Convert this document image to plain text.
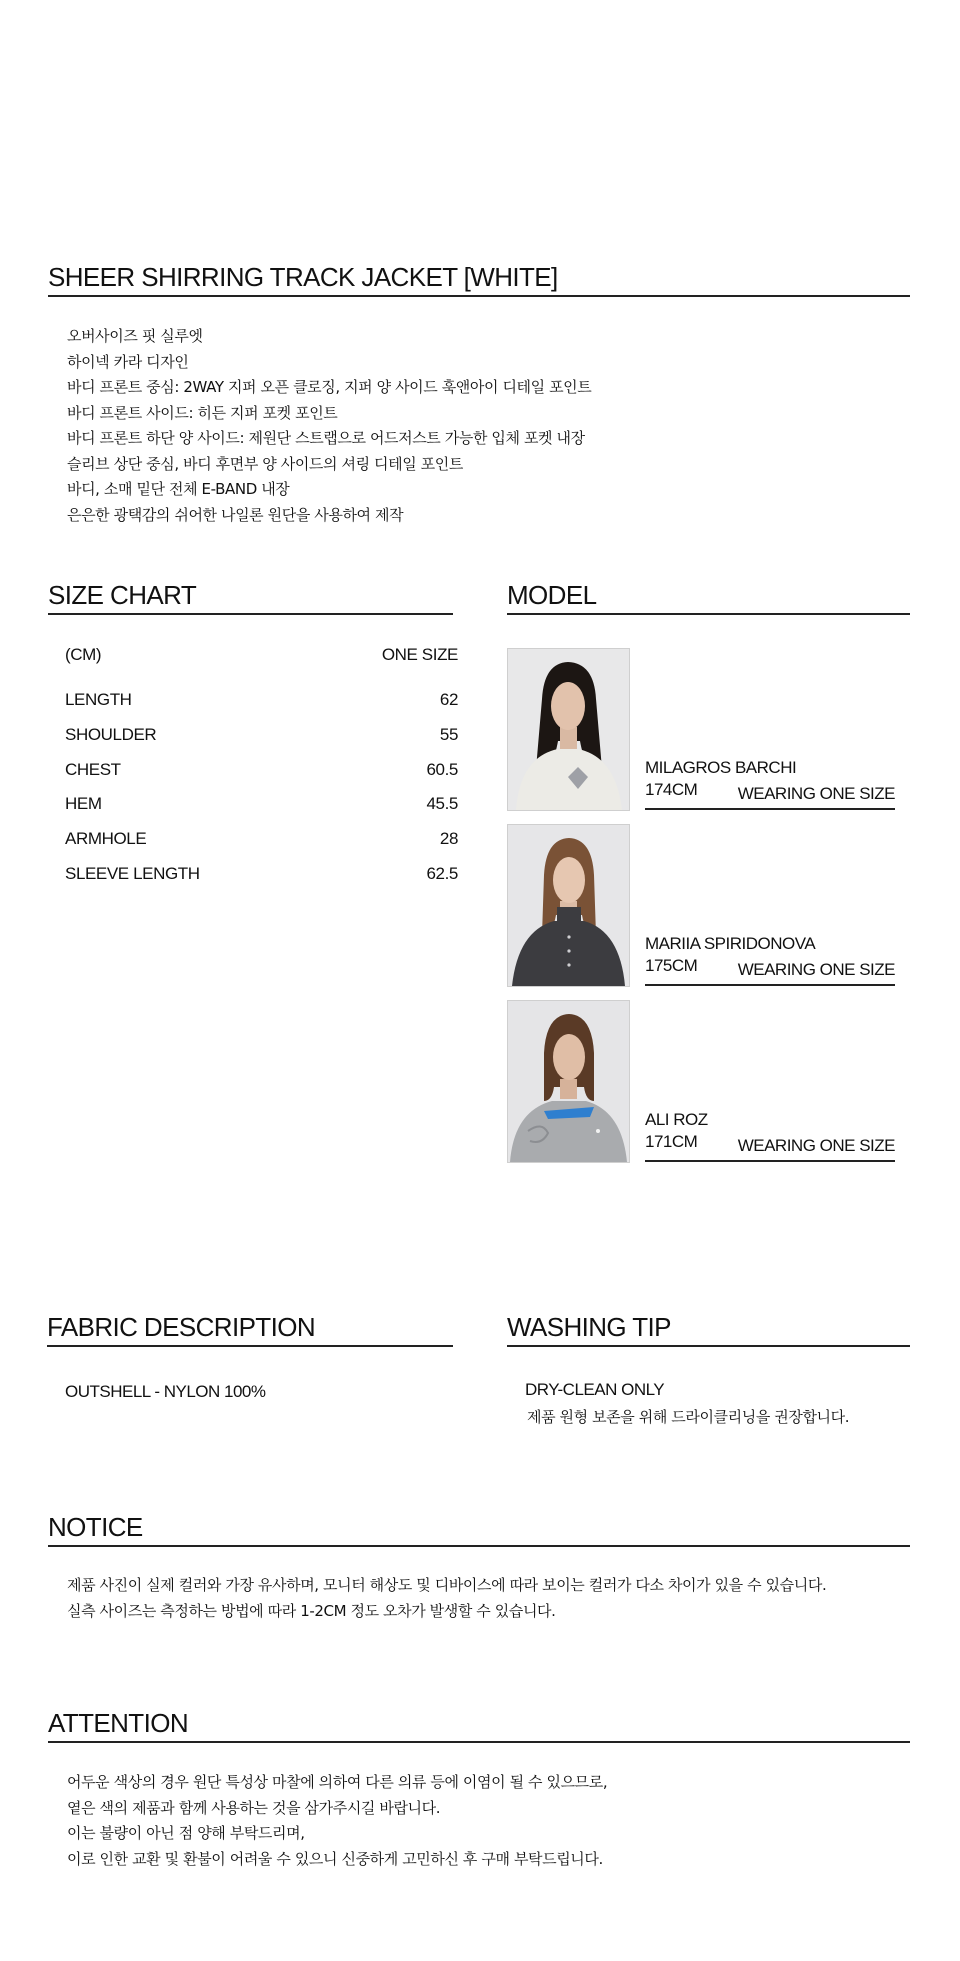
SHEER SHIRRING TRACK JACKET [WHITE]
오버사이즈 핏 실루엣
하이넥 카라 디자인
바디 프론트 중심: 2WAY 지퍼 오픈 클로징, 지퍼 양 사이드 훅앤아이 디테일 포인트
바디 프론트 사이드: 히든 지퍼 포켓 포인트
바디 프론트 하단 양 사이드: 제원단 스트랩으로 어드저스트 가능한 입체 포켓 내장
슬리브 상단 중심, 바디 후면부 양 사이드의 셔링 디테일 포인트
바디, 소매 밑단 전체 E-BAND 내장
은은한 광택감의 쉬어한 나일론 원단을 사용하여 제작
SIZE CHART
(CM)	ONE SIZE
LENGTH	62
SHOULDER	55
CHEST	60.5
HEM	45.5
ARMHOLE	28
SLEEVE LENGTH	62.5
MODEL
MILAGROS BARCHI
174CM	WEARING ONE SIZE
MARIIA SPIRIDONOVA
175CM	WEARING ONE SIZE
ALI ROZ
171CM	WEARING ONE SIZE
FABRIC DESCRIPTION
OUTSHELL - NYLON 100%
WASHING TIP
DRY-CLEAN ONLY
제품 원형 보존을 위해 드라이클리닝을 권장합니다.
NOTICE
제품 사진이 실제 컬러와 가장 유사하며, 모니터 해상도 및 디바이스에 따라 보이는 컬러가 다소 차이가 있을 수 있습니다.
실측 사이즈는 측정하는 방법에 따라 1-2CM 정도 오차가 발생할 수 있습니다.
ATTENTION
어두운 색상의 경우 원단 특성상 마찰에 의하여 다른 의류 등에 이염이 될 수 있으므로,
옅은 색의 제품과 함께 사용하는 것을 삼가주시길 바랍니다.
이는 불량이 아닌 점 양해 부탁드리며,
이로 인한 교환 및 환불이 어려울 수 있으니 신중하게 고민하신 후 구매 부탁드립니다.
